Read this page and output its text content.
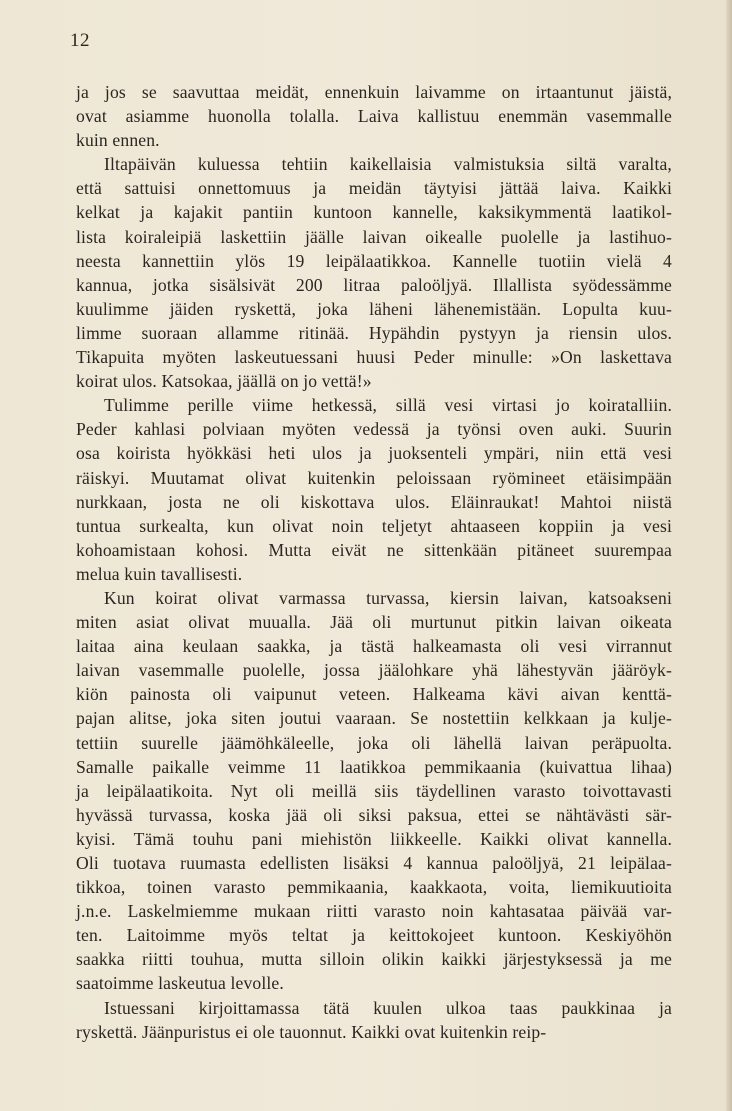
12
ja jos se saavuttaa meidät, ennenkuin laivamme on irtaantunut jäistä,
ovat asiamme huonolla tolalla. Laiva kallistuu enemmän vasemmalle
kuin ennen.
Iltapäivän kuluessa tehtiin kaikellaisia valmistuksia siltä varalta,
että sattuisi onnettomuus ja meidän täytyisi jättää laiva. Kaikki
kelkat ja kajakit pantiin kuntoon kannelle, kaksikymmentä laatikol-
lista koiraleipiä laskettiin jäälle laivan oikealle puolelle ja lastihuo-
neesta kannettiin ylös 19 leipälaatikkoa. Kannelle tuotiin vielä 4
kannua, jotka sisälsivät 200 litraa paloöljyä. Illallista syödessämme
kuulimme jäiden ryskettä, joka läheni lähenemistään. Lopulta kuu-
limme suoraan allamme ritinää. Hypähdin pystyyn ja riensin ulos.
Tikapuita myöten laskeutuessani huusi Peder minulle: »On laskettava
koirat ulos. Katsokaa, jäällä on jo vettä!»
Tulimme perille viime hetkessä, sillä vesi virtasi jo koiratalliin.
Peder kahlasi polviaan myöten vedessä ja työnsi oven auki. Suurin
osa koirista hyökkäsi heti ulos ja juoksenteli ympäri, niin että vesi
räiskyi. Muutamat olivat kuitenkin peloissaan ryömineet etäisimpään
nurkkaan, josta ne oli kiskottava ulos. Eläinraukat! Mahtoi niistä
tuntua surkealta, kun olivat noin teljetyt ahtaaseen koppiin ja vesi
kohoamistaan kohosi. Mutta eivät ne sittenkään pitäneet suurempaa
melua kuin tavallisesti.
Kun koirat olivat varmassa turvassa, kiersin laivan, katsoakseni
miten asiat olivat muualla. Jää oli murtunut pitkin laivan oikeata
laitaa aina keulaan saakka, ja tästä halkeamasta oli vesi virrannut
laivan vasemmalle puolelle, jossa jäälohkare yhä lähestyvän jääröyk-
kiön painosta oli vaipunut veteen. Halkeama kävi aivan kenttä-
pajan alitse, joka siten joutui vaaraan. Se nostettiin kelkkaan ja kulje-
tettiin suurelle jäämöhkäleelle, joka oli lähellä laivan peräpuolta.
Samalle paikalle veimme 11 laatikkoa pemmikaania (kuivattua lihaa)
ja leipälaatikoita. Nyt oli meillä siis täydellinen varasto toivottavasti
hyvässä turvassa, koska jää oli siksi paksua, ettei se nähtävästi sär-
kyisi. Tämä touhu pani miehistön liikkeelle. Kaikki olivat kannella.
Oli tuotava ruumasta edellisten lisäksi 4 kannua paloöljyä, 21 leipälaa-
tikkoa, toinen varasto pemmikaania, kaakkaota, voita, liemikuutioita
j.n.e. Laskelmiemme mukaan riitti varasto noin kahtasataa päivää var-
ten. Laitoimme myös teltat ja keittokojeet kuntoon. Keskiyöhön
saakka riitti touhua, mutta silloin olikin kaikki järjestyksessä ja me
saatoimme laskeutua levolle.
Istuessani kirjoittamassa tätä kuulen ulkoa taas paukkinaa ja
ryskettä. Jäänpuristus ei ole tauonnut. Kaikki ovat kuitenkin reip-
